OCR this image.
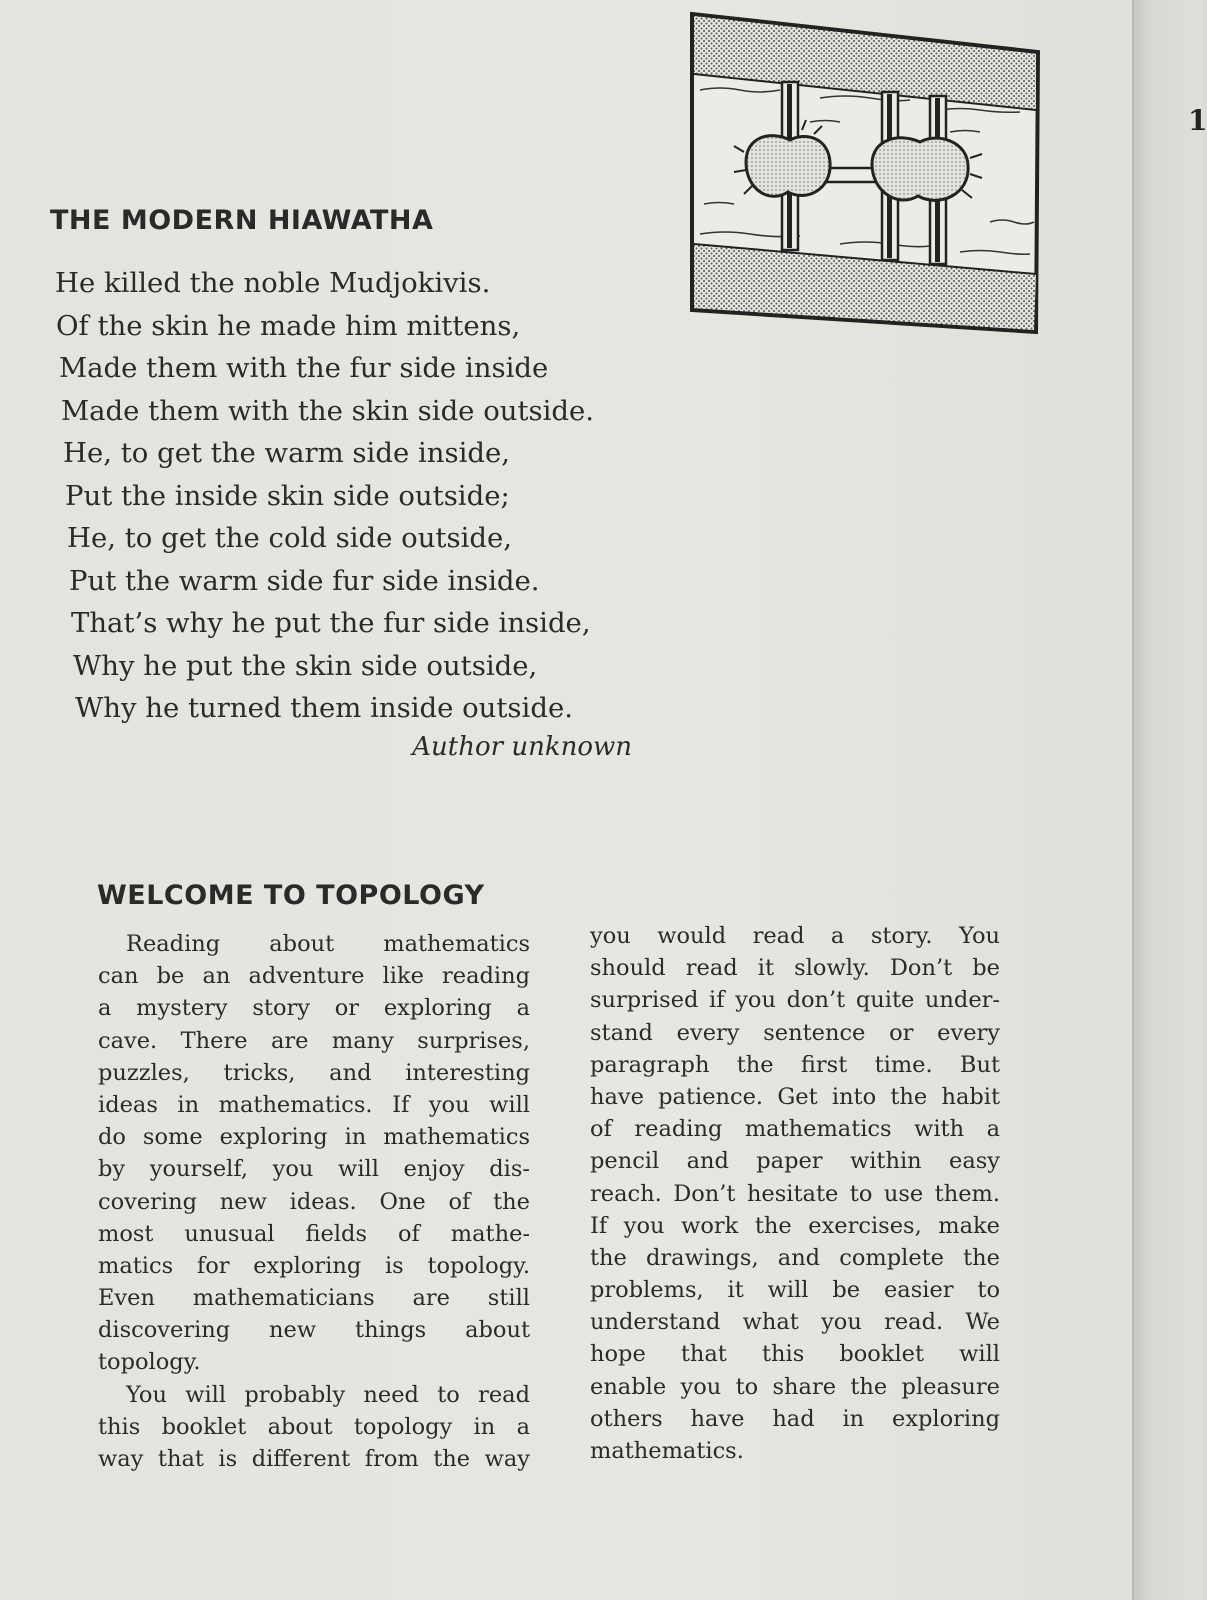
1
THE MODERN HIAWATHA
He killed the noble Mudjokivis.
Of the skin he made him mittens,
Made them with the fur side inside
Made them with the skin side outside.
He, to get the warm side inside,
Put the inside skin side outside;
He, to get the cold side outside,
Put the warm side fur side inside.
That’s why he put the fur side inside,
Why he put the skin side outside,
Why he turned them inside outside.
Author unknown
WELCOME TO TOPOLOGY
Reading about mathematics
can be an adventure like reading
a mystery story or exploring a
cave. There are many surprises,
puzzles, tricks, and interesting
ideas in mathematics. If you will
do some exploring in mathematics
by yourself, you will enjoy dis-
covering new ideas. One of the
most unusual fields of mathe-
matics for exploring is topology.
Even mathematicians are still
discovering new things about
topology.
You will probably need to read
this booklet about topology in a
way that is different from the way
you would read a story. You
should read it slowly. Don’t be
surprised if you don’t quite under-
stand every sentence or every
paragraph the first time. But
have patience. Get into the habit
of reading mathematics with a
pencil and paper within easy
reach. Don’t hesitate to use them.
If you work the exercises, make
the drawings, and complete the
problems, it will be easier to
understand what you read. We
hope that this booklet will
enable you to share the pleasure
others have had in exploring
mathematics.
